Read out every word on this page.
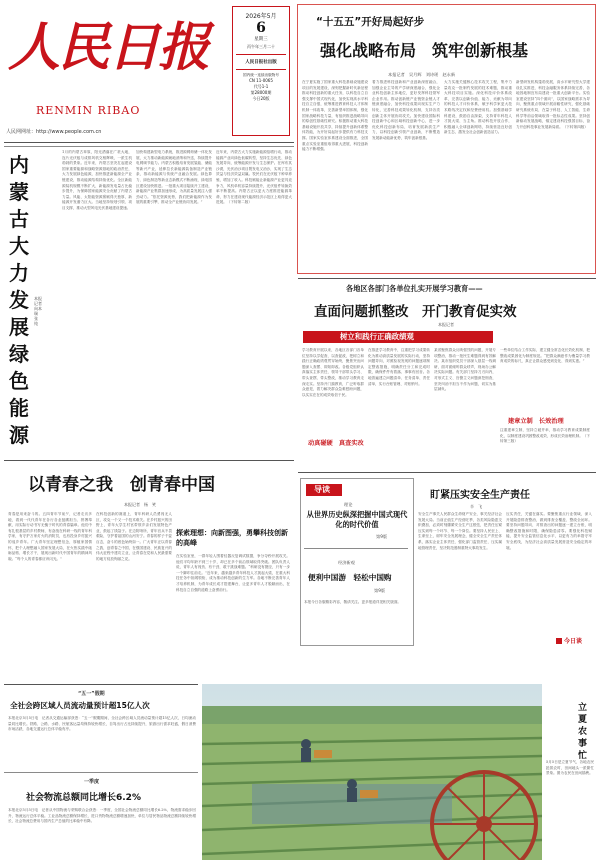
人民日报
RENMIN RIBAO
人民网网址：http://www.people.com.cn
2026年5月
6
星期三
丙午年三月二十
人民日报社出版
国内统一连续出版物号
CN 11-0065
代号1-1
第28000期
今日20版
“十五五”开好局起好步
强化战略布局　筑牢创新根基
本报记者　吴月辉　刘诗瑶　赵永新
在宁夏实施了国家重大科技基础设施建设项目的发展建设，深刻把握新时代新征程推动科技创新的重大任务，以科技自立自强支撑中国式现代化，加快实现高水平科技自立自强，统筹推进教育科技人才体制机制一体改革，完善新型举国体制，强化国家战略科技力量，有组织推进战略导向的原创性基础性研究。积极推动重大科技基础设施开放共享，持续提升创新体系整体效能，为开好局起好步提供有力科技支撑。国家实验室体系建设全面推进，全国重点实验室重组取得重大进展，科技创新能力不断增强。
着力推进科技创新和产业创新深度融合，加强企业主导的产学研深度融合，强化企业科技创新主体地位，更好发挥科技领军企业作用。推动创新链产业链资金链人才链深度融合，加快科技成果向现实生产力转化，完善科技成果转化机制，支持各类创新主体开展协同攻关。加快建设国际科技创新中心和区域科技创新中心，进一步优化科技创新布局，培育发展新质生产力，以科技创新引领产业创新，不断塑造发展新动能新优势，筑牢创新根基。
大力实施关键核心技术攻关工程，集中力量攻克一批制约发展的技术难题，推动重大科技项目实施。深化科技评价体系改革，完善以创新价值、能力、贡献为导向的科技人才评价体系，赋予科学家更大技术路线决定权和经费使用权。加强基础学科建设，鼓励自由探索，支持青年科技人才挑大梁、当主角。推动科技开放合作，积极融入全球创新网络，持续营造良好创新生态，激发全社会创新创造活力。
新型研发机构蓬勃发展，高水平研究型大学建设扎实推进，科技金融服务体系持续完善，各地因地制宜布局建设一批重大创新平台。实验室建设坚持“四个面向”，以国家战略需求为导向，聚焦重点领域开展前瞻性研究，强化基础研究系统布局，在量子科技、人工智能、生命科学等前沿领域取得一批标志性成果。坚持创新驱动发展战略，锚定建设科技强国目标，奋力开创科技事业发展新局面。（下转第四版）
内蒙古大力发展绿色能源
本报记者　向本瑞　张　纯
1月的内蒙古草原，阳光洒落在广袤大地，连片光伏板与成排风机交相辉映，一派生机勃勃的景象。近年来，内蒙古坚决扛起建设国家重要能源和战略资源基地的政治责任，大力发展绿色能源，加快推进新能源全产业链建设，推动能源结构持续优化。全区新能源装机规模不断扩大，新能源发电量占比稳步提升，为保障国家能源安全贡献了内蒙古力量。风能、太阳能资源禀赋得天独厚，新能源开发潜力巨大。当地坚持规划引领、项目支撑，推动大型风电光伏基地建设提速。
加快构建新型电力系统，推进源网荷储一体化发展，大力推动新能源就地消纳和外送，持续提升电网调节能力。内蒙古积极培育发展氢能、储能等新兴产业，延伸拉长新能源装备制造产业链条，推动新能源与传统产业融合发展。绿色算力、绿色制造等新业态新模式不断涌现，绿电园区建设加快推进。一批重大项目陆续开工建设，新能源产业集群加速形成，为高质量发展注入强劲动力。“依托资源优势，我们把新能源作为发展的重要引擎，推动全产业链协同发展。”
近年来，内蒙古大力实施新能源倍增行动，推动能源产业向绿色低碳转型，坚持生态优先、绿色发展导向，统筹能源开发与生态保护。在库布其沙漠，光伏治沙项目既发电又治沙，实现了生态效益与经济效益双赢。牧民们在光伏板下种草养殖，增加了收入。科技赋能让新能源产业更具竞争力，风机单机容量持续提升，光伏组件转换效率不断提高。内蒙古正以更大力度推进能源革命，努力在建设现代能源经济示范区上取得更大进展。（下转第二版）
以青春之我　创青春中国
本报记者　杨　笑
青春是用来奋斗的。五四青年节前夕，记者走访多地，看到一代代青年在各行各业挺膺担当、拼搏奉献，用实际行动书写无愧于时代的青春篇章。他们中有扎根基层的乡村教师，有奋战在科研一线的青年科学家，有守护万家灯火的消防员，也有投身乡村振兴的返乡青年。广大青年坚定理想信念，厚植家国情怀，把个人理想融入国家发展大局，在火热实践中砥砺品格、增长才干，展现出新时代中国青年的精神风貌。“每个人的青春都应该闪光。”
在科技创新的赛道上，青年科研人员勇闯无人区，攻克一个又一个技术难关。在乡村振兴的田野上，青年大学生村官带领乡亲们发展特色产业，鼓起了钱袋子。在边防哨所，青年官兵不畏艰险，守护着祖国的山河安宁。青春的样子千姿百态，奋斗的底色始终如一。广大青年正以青春之我，创青春之中国，在强国建设、民族复兴的伟大征程中建功立业，让青春在党和人民最需要的地方绽放绚丽之花。
探索理想：向新图强，勇攀科技创新的高峰
在实验室里，一群年轻人围着仪器反复调试数据，争分夺秒开展攻关。他们平均年龄不到三十岁，却已在多个前沿领域取得突破。团队负责人说，青年人有闯劲、有干劲，敢于挑战难题。“科研没有捷径，只有一步一个脚印往前走。”近年来，越来越多青年科技人才挑起大梁，在重大科技任务中担纲领衔，成为推动科技创新的生力军。各地不断完善青年人才培养机制，为青年成长成才搭建舞台，让更多青年人才脱颖而出，在科技自立自强的道路上奋勇前行。
各地区各部门各单位扎实开展学习教育——
直面问题抓整改　开门教育促实效
本报记者
树立和践行正确政绩观
学习教育开展以来，各地区各部门各单位坚持以学促查、以查促改，把树立和践行正确政绩观贯穿始终，聚焦突出问题深入查摆、即知即改。各级党组织认真落实主体责任，领导干部带头学习、带头查摆、带头整改，推动学习教育走深走实。坚持开门搞教育，广泛听取群众意见，着力解决群众急难愁盼问题，以实实在在的成效取信于民。
在推进学习教育中，注重把学习成果转化为推动高质量发展的实际行动，坚持问题导向，对照检视发现的问题逐项制定整改措施，明确责任分工和完成时限，确保件件有着落、事事有回音。各地普遍建立问题清单、任务清单、责任清单，实行台账管理、对账销号。
动真碰硬　真查实改
某省聚焦群众反映强烈的问题，开展专项整治，推动一批民生难题得到有效解决。某市组织党员干部深入基层一线调研，面对面倾听群众呼声，现场办公解决实际问题。有关部门坚持刀刃向内，对形式主义、官僚主义问题深挖细查，坚决纠治不担当不作为问题，切实为基层减负。
一些单位结合工作实际，建立健全常态化长效化机制，把整改成果固化为制度规范。“把群众满意作为衡量学习教育成效的标尺，真正让群众感受到变化、得到实惠。”
建章立制　长效治理
注重建章立制，坚持立破并举，推动学习教育成果制度化，以制度建设巩固整改成效，形成长效治理机制。（下转第三版）
导读
理论
从世界历史纵深把握中国式现代化的时代价值
第9版
经济新观
便利中国游　轻松中国购
第9版
本报今日各版精彩内容，敬请关注。更多报道详见相关版面。
盯紧压实安全生产责任
辛　飞
安全生产事关人民群众生命财产安全，事关经济社会发展大局。当前正值生产经营旺季，各类风险隐患交织叠加，必须时刻绷紧安全生产这根弦，把责任压紧压实到每一个环节、每一个岗位。要坚持人民至上、生命至上，树牢安全发展理念，健全安全生产责任体系，落实企业主体责任，强化部门监管责任，压实属地管理责任，坚决防范遏制重特大事故发生。
压实责任，关键在落实。要聚焦重点行业领域，深入开展隐患排查整治，做到排查全覆盖、整改全闭环。要坚持问题导向，对排查出的问题逐一建立台账，明确整改措施和时限，确保隐患清零。要强化科技赋能，提升安全监管信息化水平，以更有力的举措守牢安全底线，为经济社会高质量发展营造安全稳定的环境。
今日谈
“五一”假期
全社会跨区域人员流动量预计超15亿人次
本报北京5月5日电　记者从交通运输部获悉：“五一”假期期间，全社会跨区域人员流动量预计超15亿人次，日均流动量同比增长。铁路、公路、水路、民航客运量均保持较快增长，自驾出行占比持续提升，旅游出行需求旺盛，假日消费市场活跃，各地交通运行总体平稳有序。
一季度
社会物流总额同比增长6.2%
本报北京5月5日电　记者从中国物流与采购联合会获悉：一季度，全国社会物流总额同比增长6.2%，物流需求稳步回升，物流运行总体平稳。工业品物流总额保持增长，进口货物物流总额增速加快，单位与居民物品物流总额持续较快增长，社会物流总费用与国内生产总值的比率稳中有降。
立夏农事忙
5月5日是立夏节气，各地农民抢抓农时，田间地头一派繁忙景象。图为农民在田间插秧。
